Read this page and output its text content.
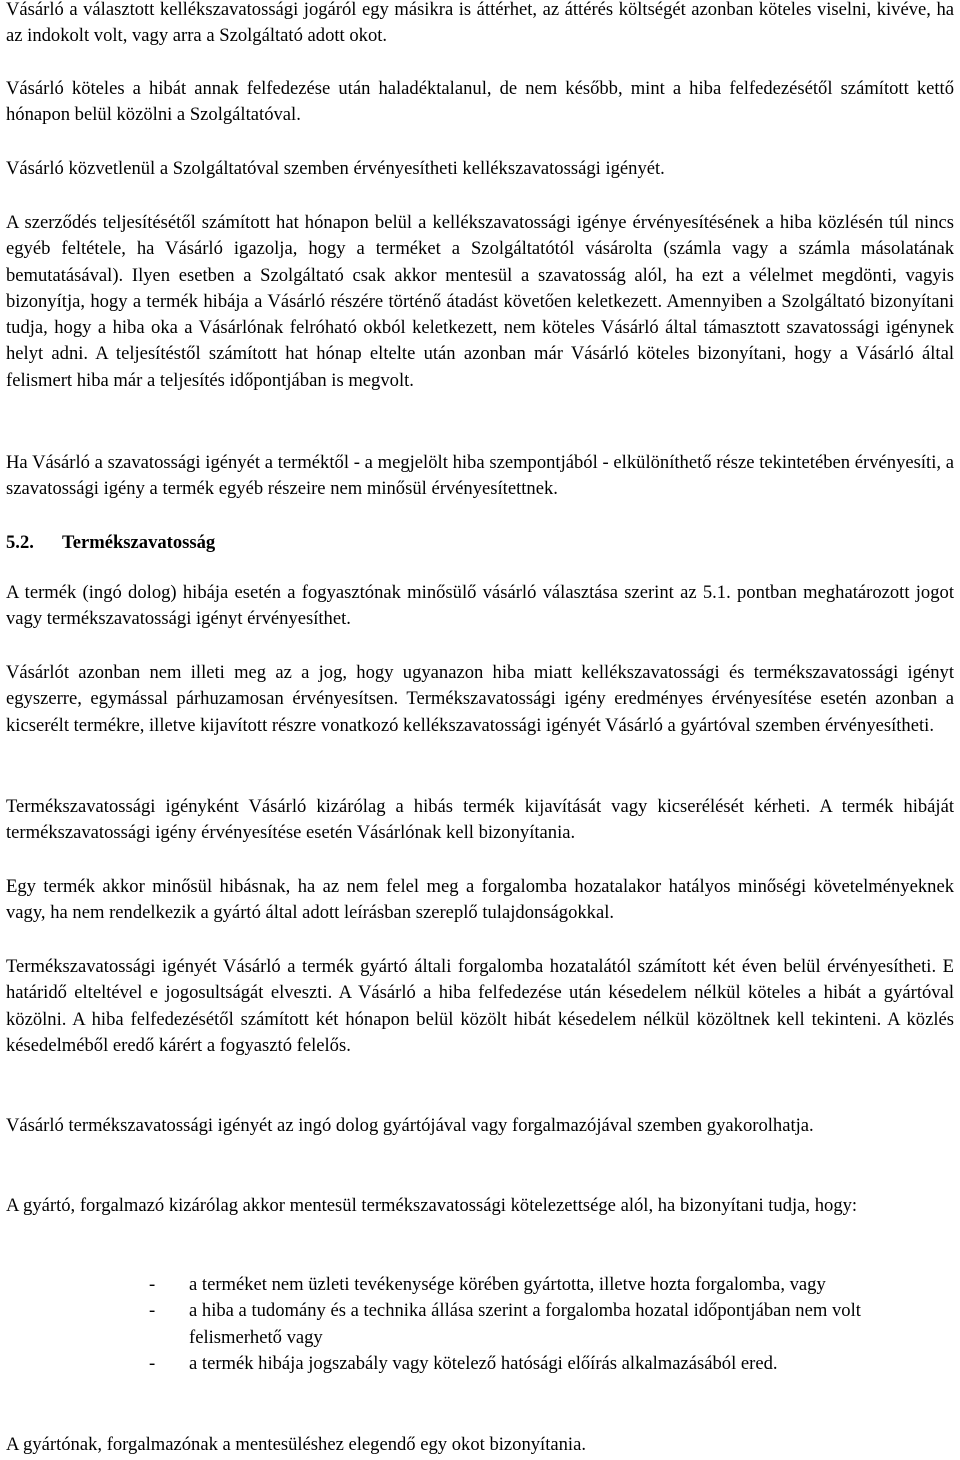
Vásárló a választott kellékszavatossági jogáról egy másikra is áttérhet, az áttérés költségét azonban köteles viselni, kivéve, ha az indokolt volt, vagy arra a Szolgáltató adott okot.

Vásárló köteles a hibát annak felfedezése után haladéktalanul, de nem később, mint a hiba felfedezésétől számított kettő hónapon belül közölni a Szolgáltatóval.

Vásárló közvetlenül a Szolgáltatóval szemben érvényesítheti kellékszavatossági igényét.

A szerződés teljesítésétől számított hat hónapon belül a kellékszavatossági igénye érvényesítésének a hiba közlésén túl nincs egyéb feltétele, ha Vásárló igazolja, hogy a terméket a Szolgáltatótól vásárolta (számla vagy a számla másolatának bemutatásával). Ilyen esetben a Szolgáltató csak akkor mentesül a szavatosság alól, ha ezt a vélelmet megdönti, vagyis bizonyítja, hogy a termék hibája a Vásárló részére történő átadást követően keletkezett. Amennyiben a Szolgáltató bizonyítani tudja, hogy a hiba oka a Vásárlónak felróható okból keletkezett, nem köteles Vásárló által támasztott szavatossági igénynek helyt adni. A teljesítéstől számított hat hónap eltelte után azonban már Vásárló köteles bizonyítani, hogy a Vásárló által felismert hiba már a teljesítés időpontjában is megvolt.

Ha Vásárló a szavatossági igényét a terméktől - a megjelölt hiba szempontjából - elkülöníthető része tekintetében érvényesíti, a szavatossági igény a termék egyéb részeire nem minősül érvényesítettnek.

5.2. Termékszavatosság

A termék (ingó dolog) hibája esetén a fogyasztónak minősülő vásárló választása szerint az 5.1. pontban meghatározott jogot vagy termékszavatossági igényt érvényesíthet.

Vásárlót azonban nem illeti meg az a jog, hogy ugyanazon hiba miatt kellékszavatossági és termékszavatossági igényt egyszerre, egymással párhuzamosan érvényesítsen. Termékszavatossági igény eredményes érvényesítése esetén azonban a kicserélt termékre, illetve kijavított részre vonatkozó kellékszavatossági igényét Vásárló a gyártóval szemben érvényesítheti.

Termékszavatossági igényként Vásárló kizárólag a hibás termék kijavítását vagy kicserélését kérheti. A termék hibáját termékszavatossági igény érvényesítése esetén Vásárlónak kell bizonyítania.

Egy termék akkor minősül hibásnak, ha az nem felel meg a forgalomba hozatalakor hatályos minőségi követelményeknek vagy, ha nem rendelkezik a gyártó által adott leírásban szereplő tulajdonságokkal.

Termékszavatossági igényét Vásárló a termék gyártó általi forgalomba hozatalától számított két éven belül érvényesítheti. E határidő elteltével e jogosultságát elveszti. A Vásárló a hiba felfedezése után késedelem nélkül köteles a hibát a gyártóval közölni. A hiba felfedezésétől számított két hónapon belül közölt hibát késedelem nélkül közöltnek kell tekinteni. A közlés késedelméből eredő kárért a fogyasztó felelős.

Vásárló termékszavatossági igényét az ingó dolog gyártójával vagy forgalmazójával szemben gyakorolhatja.

A gyártó, forgalmazó kizárólag akkor mentesül termékszavatossági kötelezettsége alól, ha bizonyítani tudja, hogy:

- a terméket nem üzleti tevékenysége körében gyártotta, illetve hozta forgalomba, vagy
- a hiba a tudomány és a technika állása szerint a forgalomba hozatal időpontjában nem volt felismerhető vagy
- a termék hibája jogszabály vagy kötelező hatósági előírás alkalmazásából ered.

A gyártónak, forgalmazónak a mentesüléshez elegendő egy okot bizonyítania.
